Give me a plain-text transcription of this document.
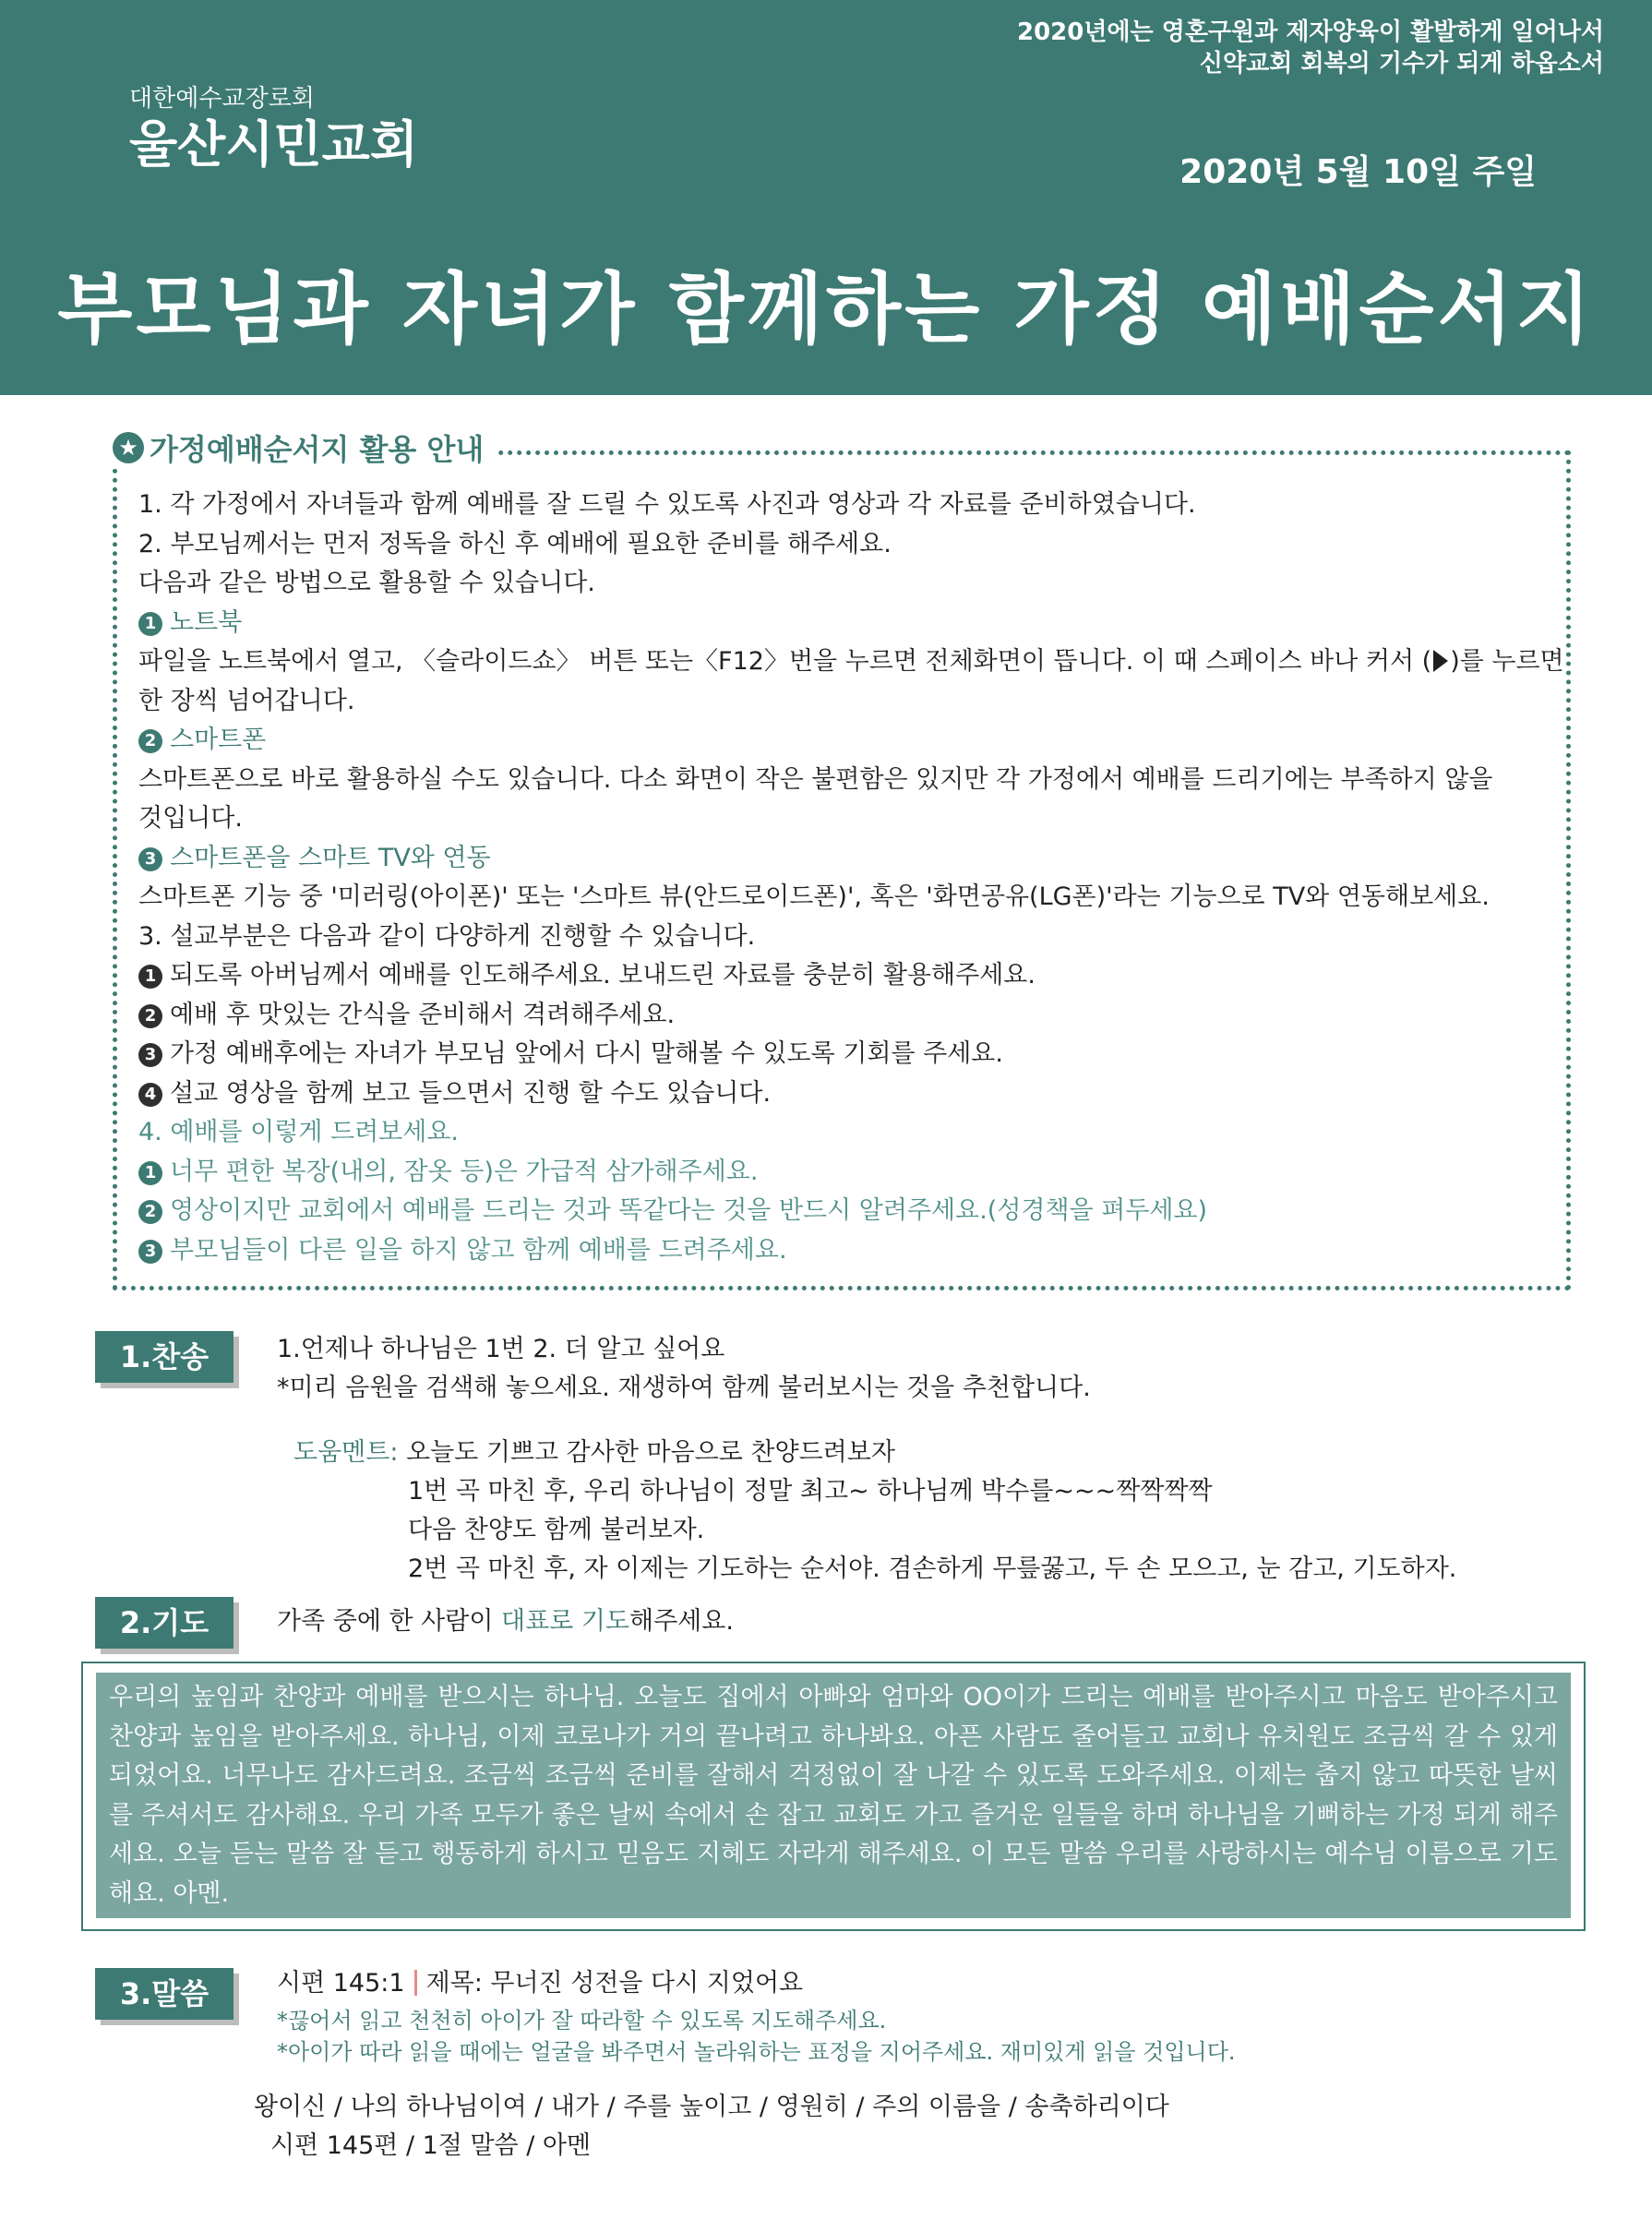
대한예수교장로회
울산시민교회
2020년에는 영혼구원과 제자양육이 활발하게 일어나서
신약교회 회복의 기수가 되게 하옵소서
2020년 5월 10일 주일
부모님과 자녀가 함께하는 가정 예배순서지
★ 가정예배순서지 활용 안내
1. 각 가정에서 자녀들과 함께 예배를 잘 드릴 수 있도록 사진과 영상과 각 자료를 준비하였습니다.
2. 부모님께서는 먼저 정독을 하신 후 예배에 필요한 준비를 해주세요.
다음과 같은 방법으로 활용할 수 있습니다.
1 노트북
파일을 노트북에서 열고, 〈슬라이드쇼〉 버튼 또는〈F12〉번을 누르면 전체화면이 뜹니다. 이 때 스페이스 바나 커서 ( )를 누르면
한 장씩 넘어갑니다.
2 스마트폰
스마트폰으로 바로 활용하실 수도 있습니다. 다소 화면이 작은 불편함은 있지만 각 가정에서 예배를 드리기에는 부족하지 않을
것입니다.
3 스마트폰을 스마트 TV와 연동
스마트폰 기능 중 '미러링(아이폰)' 또는 '스마트 뷰(안드로이드폰)', 혹은 '화면공유(LG폰)'라는 기능으로 TV와 연동해보세요.
3. 설교부분은 다음과 같이 다양하게 진행할 수 있습니다.
1 되도록 아버님께서 예배를 인도해주세요. 보내드린 자료를 충분히 활용해주세요.
2 예배 후 맛있는 간식을 준비해서 격려해주세요.
3 가정 예배후에는 자녀가 부모님 앞에서 다시 말해볼 수 있도록 기회를 주세요.
4 설교 영상을 함께 보고 들으면서 진행 할 수도 있습니다.
4. 예배를 이렇게 드려보세요.
1 너무 편한 복장(내의, 잠옷 등)은 가급적 삼가해주세요.
2 영상이지만 교회에서 예배를 드리는 것과 똑같다는 것을 반드시 알려주세요.(성경책을 펴두세요)
3 부모님들이 다른 일을 하지 않고 함께 예배를 드려주세요.
1.찬송	1.언제나 하나님은 1번 2. 더 알고 싶어요
*미리 음원을 검색해 놓으세요. 재생하여 함께 불러보시는 것을 추천합니다.
도움멘트: 오늘도 기쁘고 감사한 마음으로 찬양드려보자
1번 곡 마친 후, 우리 하나님이 정말 최고~ 하나님께 박수를~~~짝짝짝짝
다음 찬양도 함께 불러보자.
2번 곡 마친 후, 자 이제는 기도하는 순서야. 겸손하게 무릎꿇고, 두 손 모으고, 눈 감고, 기도하자.
2.기도	가족 중에 한 사람이 대표로 기도해주세요.
우리의 높임과 찬양과 예배를 받으시는 하나님. 오늘도 집에서 아빠와 엄마와 OO이가 드리는 예배를 받아주시고 마음도 받아주시고 찬양과 높임을 받아주세요. 하나님, 이제 코로나가 거의 끝나려고 하나봐요. 아픈 사람도 줄어들고 교회나 유치원도 조금씩 갈 수 있게 되었어요. 너무나도 감사드려요. 조금씩 조금씩 준비를 잘해서 걱정없이 잘 나갈 수 있도록 도와주세요. 이제는 춥지 않고 따뜻한 날씨를 주셔서도 감사해요. 우리 가족 모두가 좋은 날씨 속에서 손 잡고 교회도 가고 즐거운 일들을 하며 하나님을 기뻐하는 가정 되게 해주세요. 오늘 듣는 말씀 잘 듣고 행동하게 하시고 믿음도 지혜도 자라게 해주세요. 이 모든 말씀 우리를 사랑하시는 예수님 이름으로 기도해요. 아멘.
3.말씀	시편 145:1 제목: 무너진 성전을 다시 지었어요
*끊어서 읽고 천천히 아이가 잘 따라할 수 있도록 지도해주세요.
*아이가 따라 읽을 때에는 얼굴을 봐주면서 놀라워하는 표정을 지어주세요. 재미있게 읽을 것입니다.
왕이신 / 나의 하나님이여 / 내가 / 주를 높이고 / 영원히 / 주의 이름을 / 송축하리이다
시편 145편 / 1절 말씀 / 아멘
